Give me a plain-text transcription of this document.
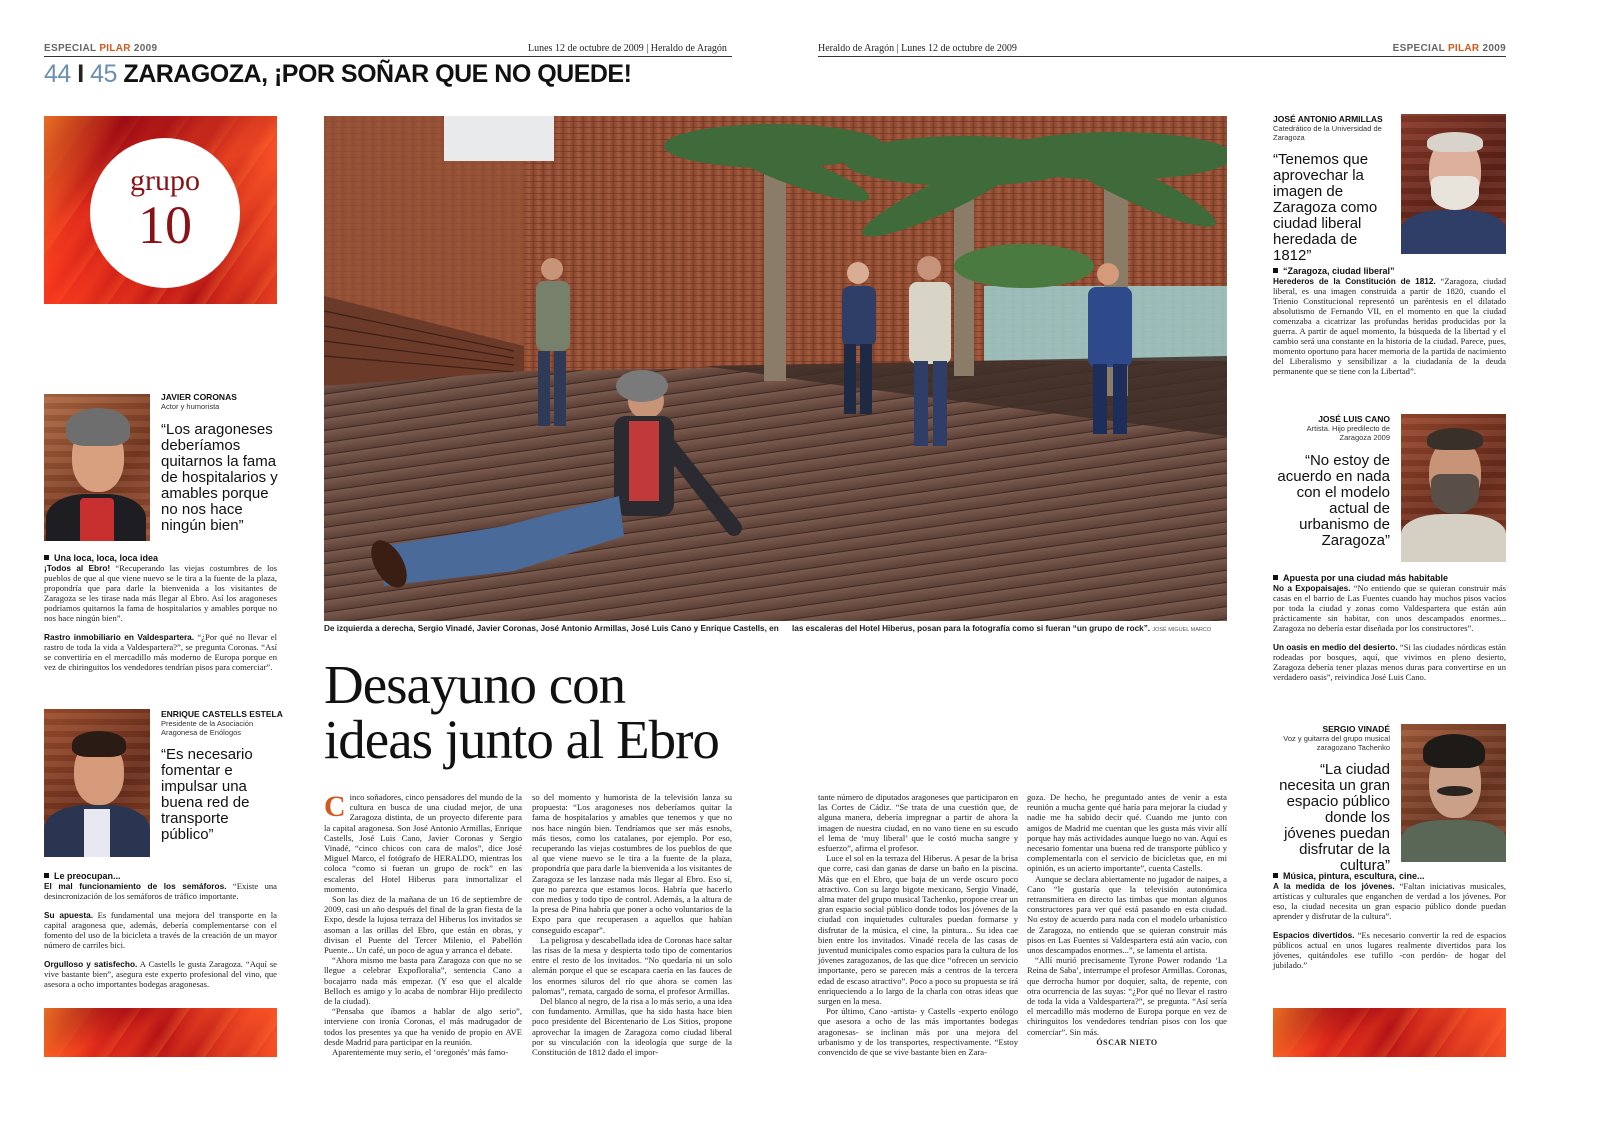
ESPECIAL PILAR 2009	Lunes 12 de octubre de 2009 | Heraldo de Aragón	Heraldo de Aragón | Lunes 12 de octubre de 2009	ESPECIAL PILAR 2009
44 I 45 ZARAGOZA, ¡POR SOÑAR QUE NO QUEDE!
grupo
10
JAVIER CORONAS
Actor y humorista
“Los aragoneses deberíamos quitarnos la fama de hospitalarios y amables porque no nos hace ningún bien”
Una loca, loca, loca idea
¡Todos al Ebro! “Recuperando las viejas costumbres de los pueblos de que al que viene nuevo se le tira a la fuente de la plaza, propondría que para darle la bienvenida a los visitantes de Zaragoza se les tirase nada más llegar al Ebro. Así los aragoneses podríamos quitarnos la fama de hospitalarios y amables porque no nos hace ningún bien”.
Rastro inmobiliario en Valdespartera. “¿Por qué no llevar el rastro de toda la vida a Valdespartera?”, se pregunta Coronas. “Así se convertiría en el mercadillo más moderno de Europa porque en vez de chiringuitos los vendedores tendrían pisos para comerciar”.
ENRIQUE CASTELLS ESTELA
Presidente de la Asociación Aragonesa de Enólogos
“Es necesario fomentar e impulsar una buena red de transporte público”
Le preocupan...
El mal funcionamiento de los semáforos. “Existe una desincronización de los semáforos de tráfico importante.
Su apuesta. Es fundamental una mejora del transporte en la capital aragonesa que, además, debería complementarse con el fomento del uso de la bicicleta a través de la creación de un mayor número de carriles bici.
Orgulloso y satisfecho. A Castells le gusta Zaragoza. “Aquí se vive bastante bien”, asegura este experto profesional del vino, que asesora a ocho importantes bodegas aragonesas.
De izquierda a derecha, Sergio Vinadé, Javier Coronas, José Antonio Armillas, José Luis Cano y Enrique Castells, en las escaleras del Hotel Hiberus, posan para la fotografía como si fueran “un grupo de rock”. JOSÉ MIGUEL MARCO
Desayuno con
ideas junto al Ebro

Cinco soñadores, cinco pensadores del mundo de la cultura en busca de una ciudad mejor, de una Zaragoza distinta, de un proyecto diferente para la capital aragonesa. Son José Antonio Armillas, Enrique Castells, José Luis Cano, Javier Coronas y Sergio Vinadé, “cinco chicos con cara de malos”, dice José Miguel Marco, el fotógrafo de HERALDO, mientras los coloca “como si fueran un grupo de rock” en las escaleras del Hotel Hiberus para inmortalizar el momento.

Son las diez de la mañana de un 16 de septiembre de 2009, casi un año después del final de la gran fiesta de la Expo, desde la lujosa terraza del Hiberus los invitados se asoman a las orillas del Ebro, que están en obras, y divisan el Puente del Tercer Milenio, el Pabellón Puente... Un café, un poco de agua y arranca el debate.

“Ahora mismo me basta para Zaragoza con que no se llegue a celebrar Expofloralia”, sentencia Cano a bocajarro nada más empezar. (Y eso que el alcalde Belloch es amigo y lo acaba de nombrar Hijo predilecto de la ciudad).

“Pensaba que íbamos a hablar de algo serio”, interviene con ironía Coronas, el más madrugador de todos los presentes ya que ha venido de propio en AVE desde Madrid para participar en la reunión.

Aparentemente muy serio, el ‘oregonés’ más famo-

so del momento y humorista de la televisión lanza su propuesta: “Los aragoneses nos deberíamos quitar la fama de hospitalarios y amables que tenemos y que no nos hace ningún bien. Tendríamos que ser más esnobs, más tiesos, como los catalanes, por ejemplo. Por eso, recuperando las viejas costumbres de los pueblos de que al que viene nuevo se le tira a la fuente de la plaza, propondría que para darle la bienvenida a los visitantes de Zaragoza se les lanzase nada más llegar al Ebro. Eso sí, que no parezca que estamos locos. Habría que hacerlo con medios y todo tipo de control. Además, a la altura de la presa de Pina habría que poner a ocho voluntarios de la Expo para que recuperasen a aquellos que habían conseguido escapar”.

La peligrosa y descabellada idea de Coronas hace saltar las risas de la mesa y despierta todo tipo de comentarios entre el resto de los invitados. “No quedaría ni un solo alemán porque el que se escapara caería en las fauces de los enormes siluros del río que ahora se comen las palomas”, remata, cargado de sorna, el profesor Armillas.

Del blanco al negro, de la risa a lo más serio, a una idea con fundamento. Armillas, que ha sido hasta hace bien poco presidente del Bicentenario de Los Sitios, propone aprovechar la imagen de Zaragoza como ciudad liberal por su vinculación con la ideología que surge de la Constitución de 1812 dado el impor-

tante número de diputados aragoneses que participaron en las Cortes de Cádiz. “Se trata de una cuestión que, de alguna manera, debería impregnar a partir de ahora la imagen de nuestra ciudad, en no vano tiene en su escudo el lema de ‘muy liberal’ que le costó mucha sangre y esfuerzo”, afirma el profesor.

Luce el sol en la terraza del Hiberus. A pesar de la brisa que corre, casi dan ganas de darse un baño en la piscina. Más que en el Ebro, que baja de un verde oscuro poco atractivo. Con su largo bigote mexicano, Sergio Vinadé, alma mater del grupo musical Tachenko, propone crear un gran espacio social público donde todos los jóvenes de la ciudad con inquietudes culturales puedan formarse y disfrutar de la música, el cine, la pintura... Su idea cae bien entre los invitados. Vinadé recela de las casas de juventud municipales como espacios para la cultura de los jóvenes zaragozanos, de las que dice “ofrecen un servicio importante, pero se parecen más a centros de la tercera edad de escaso atractivo”. Poco a poco su propuesta se irá enriqueciendo a lo largo de la charla con otras ideas que surgen en la mesa.

Por último, Cano -artista- y Castells -experto enólogo que asesora a ocho de las más importantes bodegas aragonesas- se inclinan más por una mejora del urbanismo y de los transportes, respectivamente. “Estoy convencido de que se vive bastante bien en Zara-

goza. De hecho, he preguntado antes de venir a esta reunión a mucha gente qué haría para mejorar la ciudad y nadie me ha sabido decir qué. Cuando me junto con amigos de Madrid me cuentan que les gusta más vivir allí porque hay más actividades aunque luego no van. Aquí es necesario fomentar una buena red de transporte público y complementarla con el servicio de bicicletas que, en mi opinión, es un acierto importante”, cuenta Castells.

Aunque se declara abiertamente no jugador de naipes, a Cano “le gustaría que la televisión autonómica retransmitiera en directo las timbas que montan algunos constructores para ver qué está pasando en esta ciudad. No estoy de acuerdo para nada con el modelo urbanístico de Zaragoza, no entiendo que se quieran construir más pisos en Las Fuentes si Valdespartera está aún vacío, con unos descampados enormes...”, se lamenta el artista.

“Allí murió precisamente Tyrone Power rodando ‘La Reina de Saba’, interrumpe el profesor Armillas. Coronas, que derrocha humor por doquier, salta, de repente, con otra ocurrencia de las suyas: “¿Por qué no llevar el rastro de toda la vida a Valdespartera?”, se pregunta. “Así sería el mercadillo más moderno de Europa porque en vez de chiringuitos los vendedores tendrían pisos con los que comerciar”. Sin más.

ÓSCAR NIETO
JOSÉ ANTONIO ARMILLAS
Catedrático de la Universidad de Zaragoza
“Tenemos que aprovechar la imagen de Zaragoza como ciudad liberal heredada de 1812”
“Zaragoza, ciudad liberal”
Herederos de la Constitución de 1812. “Zaragoza, ciudad liberal, es una imagen construida a partir de 1820, cuando el Trienio Constitucional representó un paréntesis en el dilatado absolutismo de Fernando VII, en el momento en que la ciudad comenzaba a cicatrizar las profundas heridas producidas por la guerra. A partir de aquel momento, la búsqueda de la libertad y el cambio será una constante en la historia de la ciudad. Parece, pues, momento oportuno para hacer memoria de la partida de nacimiento del Liberalismo y sensibilizar a la ciudadanía de la deuda permanente que se tiene con la Libertad”.
JOSÉ LUIS CANO
Artista. Hijo predilecto de Zaragoza 2009
“No estoy de acuerdo en nada con el modelo actual de urbanismo de Zaragoza”
Apuesta por una ciudad más habitable
No a Expopaisajes. “No entiendo que se quieran construir más casas en el barrio de Las Fuentes cuando hay muchos pisos vacíos por toda la ciudad y zonas como Valdespartera que están aún prácticamente sin habitar, con unos descampados enormes... Zaragoza no debería estar diseñada por los constructores”.
Un oasis en medio del desierto. “Si las ciudades nórdicas están rodeadas por bosques, aquí, que vivimos en pleno desierto, Zaragoza debería tener plazas menos duras para convertirse en un verdadero oasis”, reivindica José Luis Cano.
SERGIO VINADÉ
Voz y guitarra del grupo musical zaragozano Tachenko
“La ciudad necesita un gran espacio público donde los jóvenes puedan disfrutar de la cultura”
Música, pintura, escultura, cine...
A la medida de los jóvenes. “Faltan iniciativas musicales, artísticas y culturales que enganchen de verdad a los jóvenes. Por eso, la ciudad necesita un gran espacio público donde puedan aprender y disfrutar de la cultura”.
Espacios divertidos. “Es necesario convertir la red de espacios públicos actual en unos lugares realmente divertidos para los jóvenes, quitándoles ese tufillo -con perdón- de hogar del jubilado.”
